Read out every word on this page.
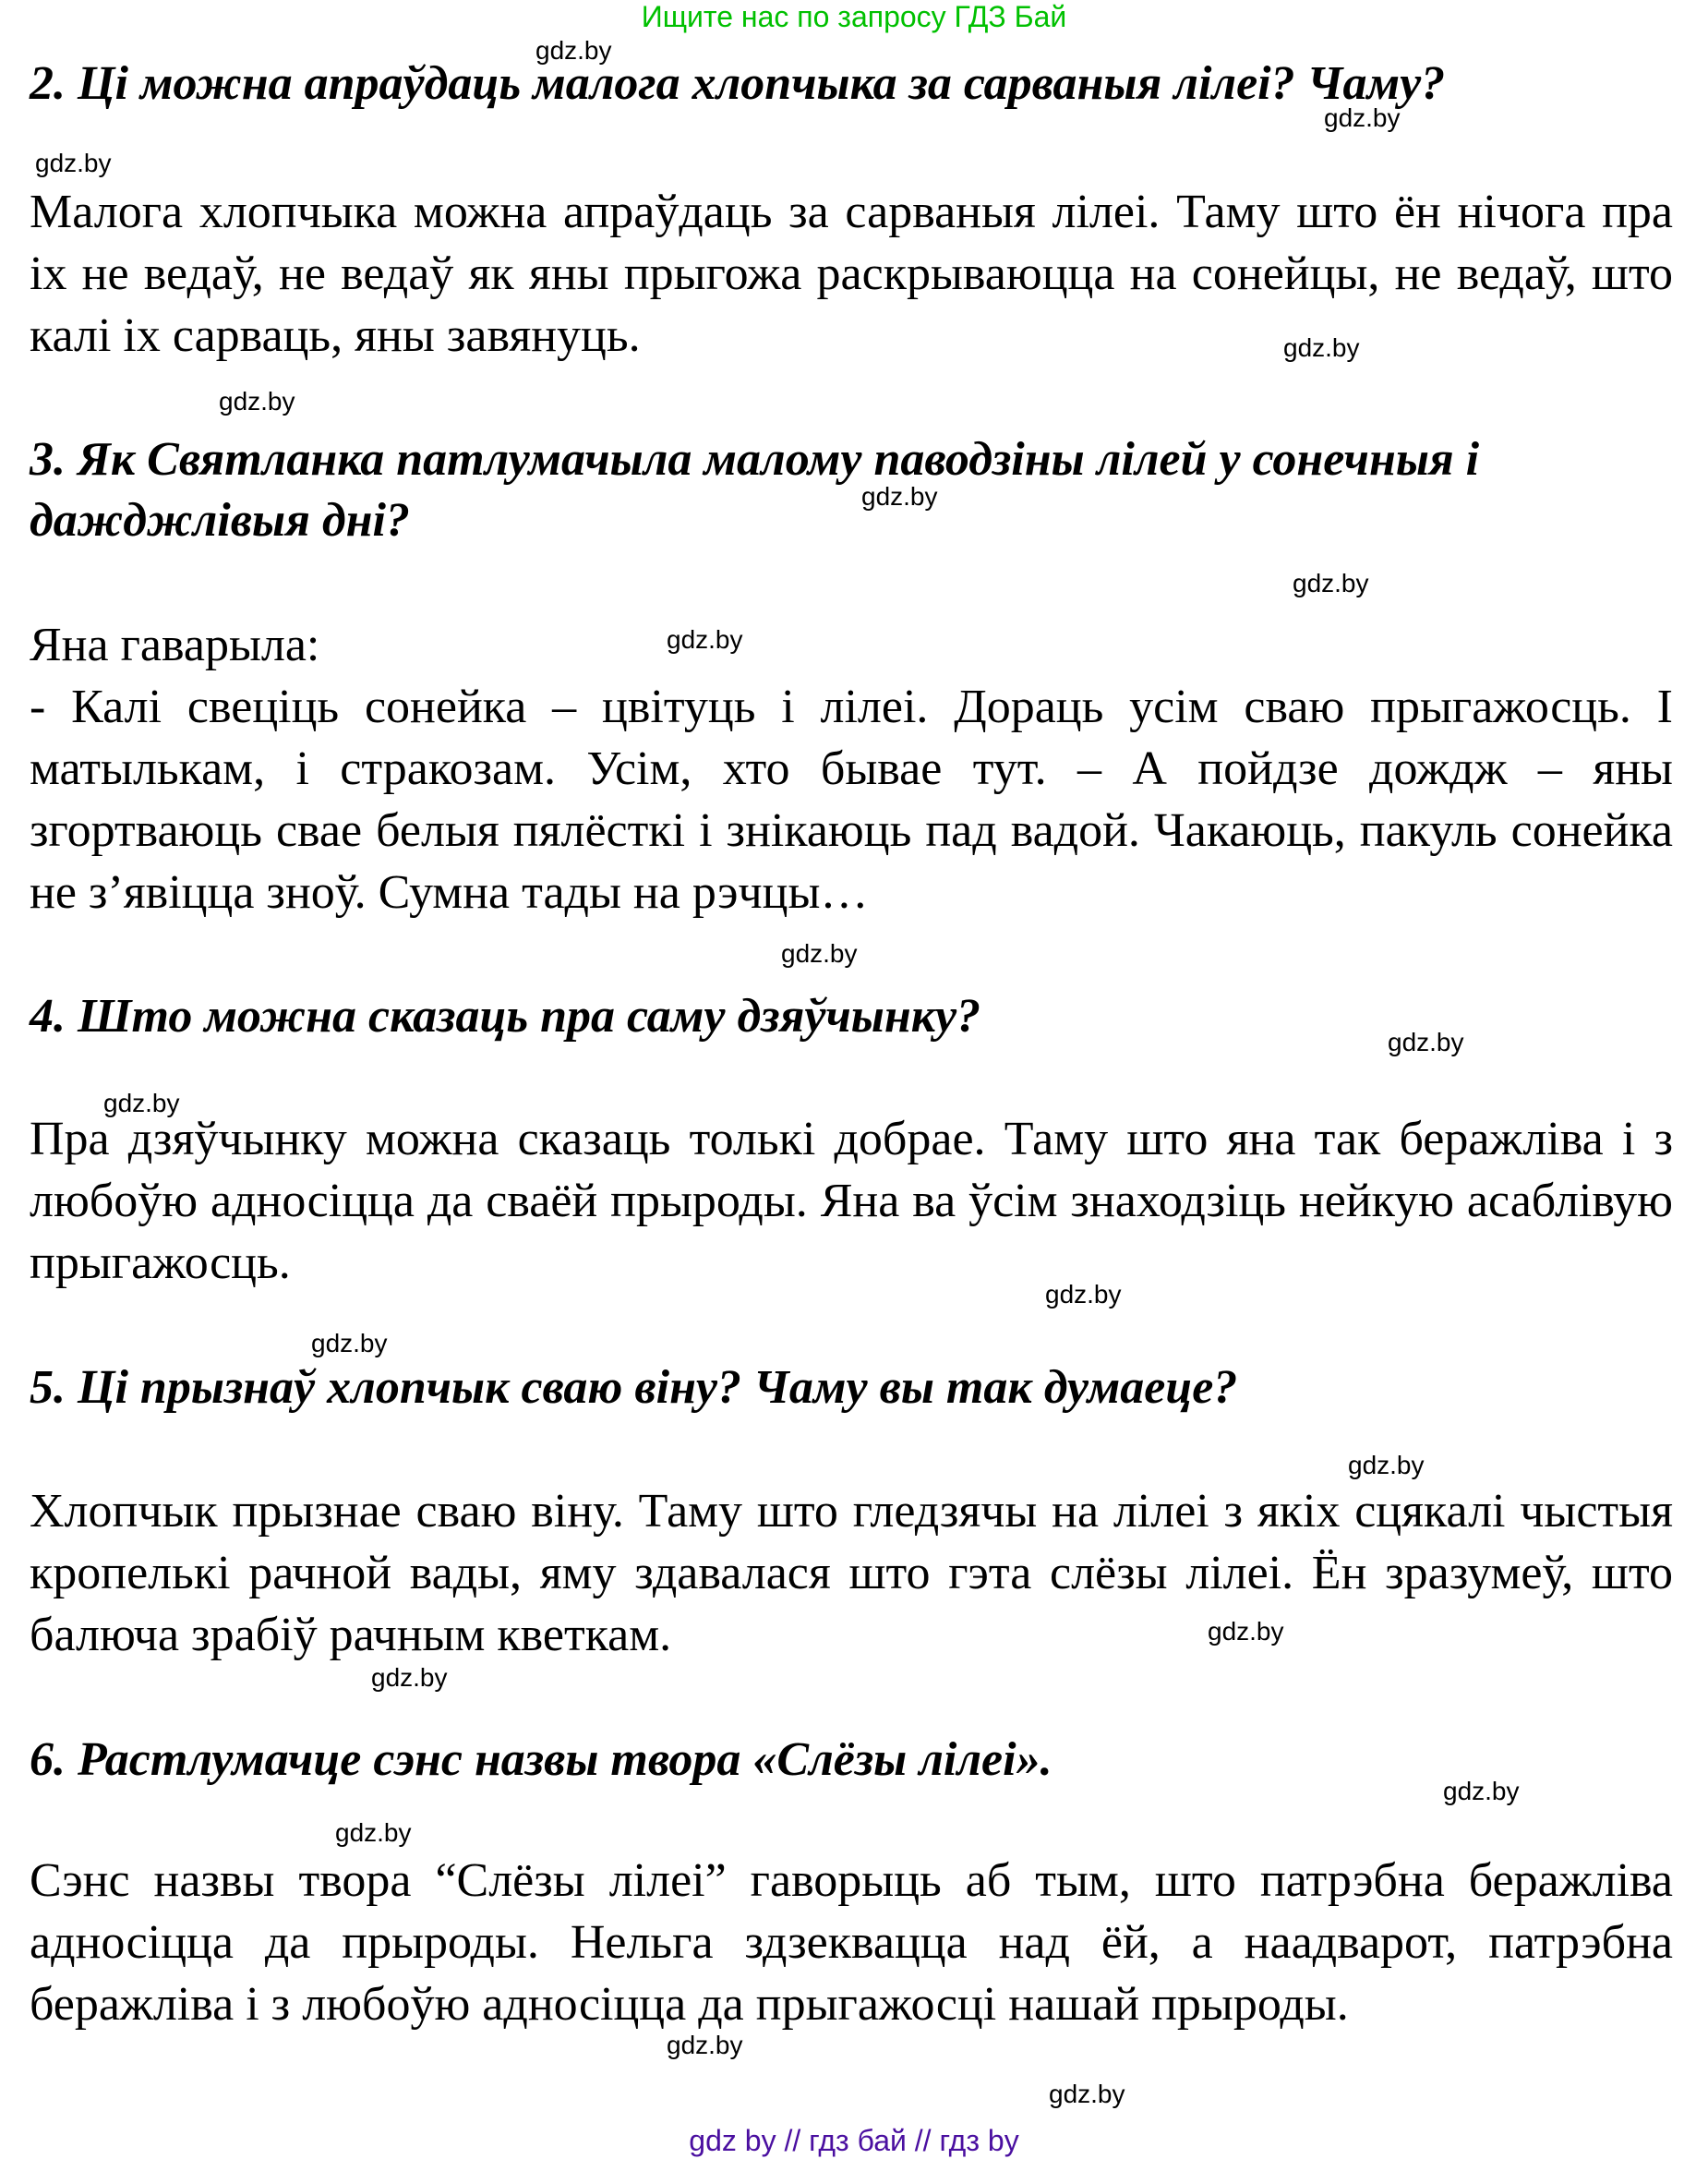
Ищите нас по запросу ГДЗ Бай
2. Ці можна апраўдаць малога хлопчыка за сарваныя лілеі? Чаму?

Малога хлопчыка можна апраўдаць за сарваныя лілеі. Таму што ён нічога пра іх не ведаў, не ведаў як яны прыгожа раскрываюцца на сонейцы, не ведаў, што калі іх сарваць, яны завянуць.

3. Як Святланка патлумачыла маломy паводзіны лілей у сонечныя і дажджлівыя дні?

Яна гаварыла:
- Калі свеціць сонейка – цвітуць і лілеі. Дораць усім сваю прыгажосць. І матылькам, і стракозам. Усім, хто бывае тут. – А пойдзе дождж – яны згортваюць свае белыя пялёсткі і знікаюць пад вадой. Чакаюць, пакуль сонейка не з’явіцца зноў. Сумна тады на рэчцы…

4. Што можна сказаць пра саму дзяўчынку?

Пра дзяўчынку можна сказаць толькі добрае. Таму што яна так беражліва і з любоўю адносіцца да сваёй прыроды. Яна ва ўсім знаходзіць нейкую асаблівую прыгажосць.

5. Ці прызнаў хлопчык сваю віну? Чаму вы так думаеце?

Хлопчык прызнае сваю віну. Таму што гледзячы на лілеі з якіх сцякалі чыстыя кропелькі рачной вады, яму здавалася што гэта слёзы лілеі. Ён зразумеў, што балюча зрабіў рачным кветкам.

6. Растлумачце сэнс назвы твора «Слёзы лілеі».

Сэнс назвы твора “Слёзы лілеі” гаворыць аб тым, што патрэбна беражліва адносіцца да прыроды. Нельга здзеквацца над ёй, а наадварот, патрэбна беражліва і з любоўю адносіцца да прыгажосці нашай прыроды.

gdz.by
gdz.by
gdz.by
gdz.by
gdz.by
gdz.by
gdz.by
gdz.by
gdz.by
gdz.by
gdz.by
gdz.by
gdz.by
gdz.by
gdz.by
gdz.by
gdz.by
gdz.by
gdz.by
gdz.by
gdz by // гдз бай // гдз by
